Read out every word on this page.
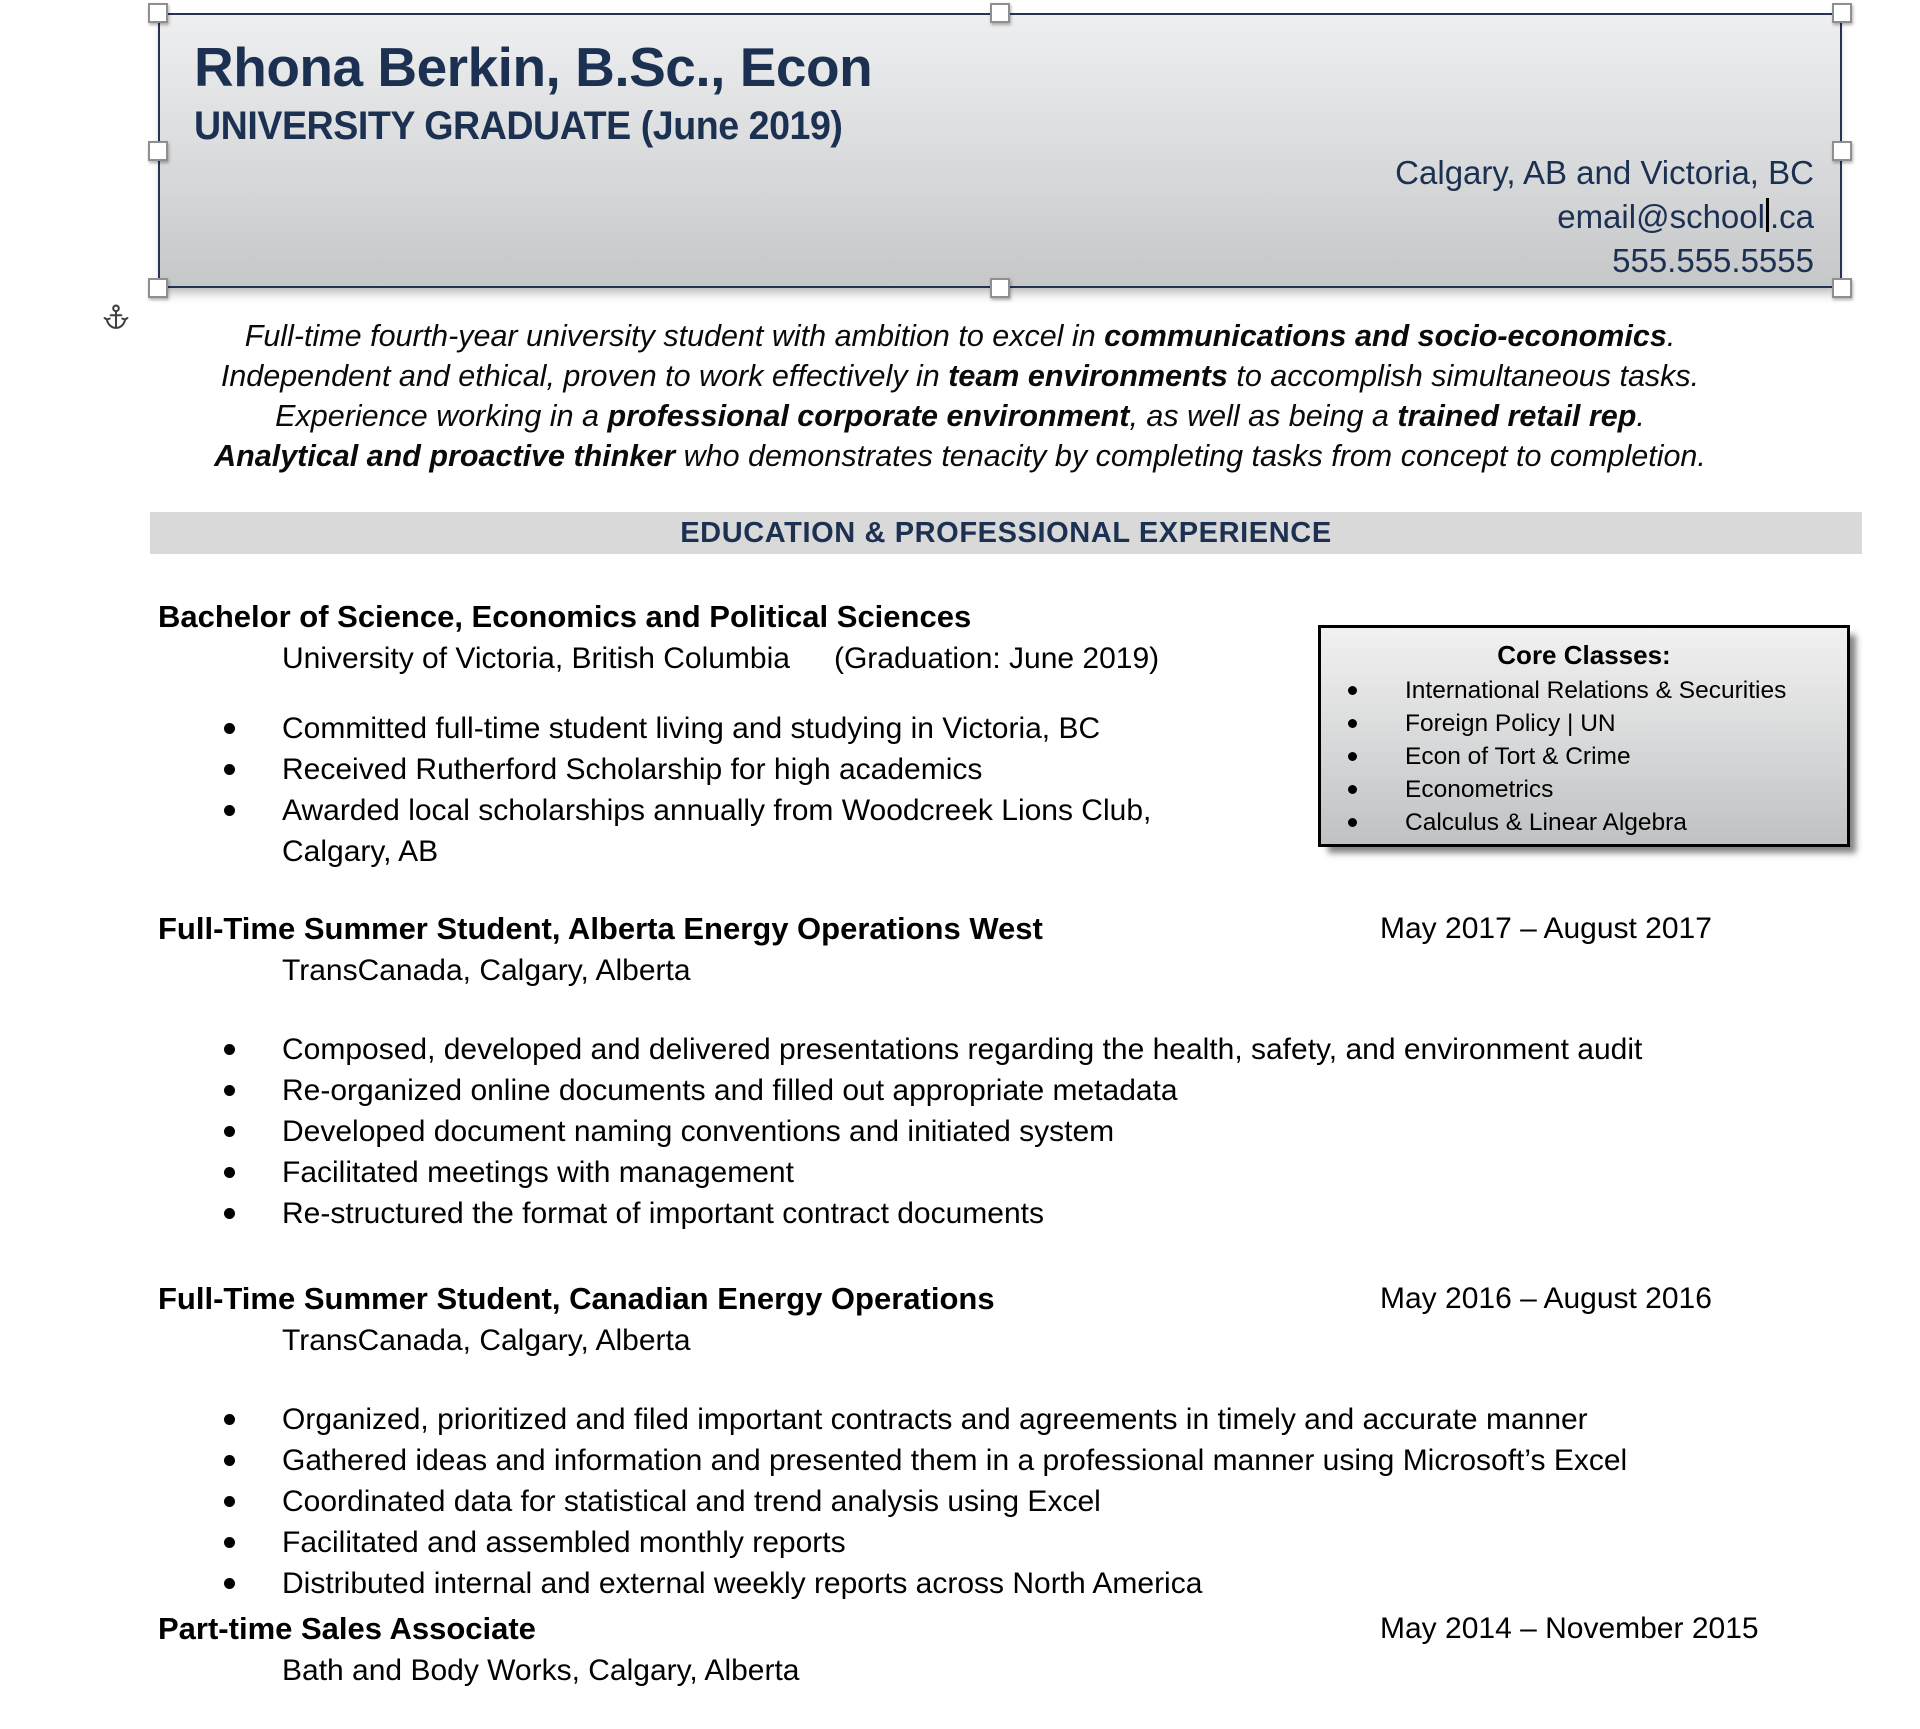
Rhona Berkin, B.Sc., Econ
UNIVERSITY GRADUATE (June 2019)
Calgary, AB and Victoria, BC
email@school .ca
555.555.5555
Full-time fourth-year university student with ambition to excel in communications and socio-economics.
Independent and ethical, proven to work effectively in team environments to accomplish simultaneous tasks.
Experience working in a professional corporate environment, as well as being a trained retail rep.
Analytical and proactive thinker who demonstrates tenacity by completing tasks from concept to completion.
EDUCATION & PROFESSIONAL EXPERIENCE
Bachelor of Science, Economics and Political Sciences
University of Victoria, British Columbia (Graduation: June 2019)
Committed full-time student living and studying in Victoria, BC
Received Rutherford Scholarship for high academics
Awarded local scholarships annually from Woodcreek Lions Club, Calgary, AB
Core Classes:
International Relations & Securities
Foreign Policy | UN
Econ of Tort & Crime
Econometrics
Calculus & Linear Algebra
Full-Time Summer Student, Alberta Energy Operations West	May 2017 – August 2017
TransCanada, Calgary, Alberta
Composed, developed and delivered presentations regarding the health, safety, and environment audit
Re-organized online documents and filled out appropriate metadata
Developed document naming conventions and initiated system
Facilitated meetings with management
Re-structured the format of important contract documents
Full-Time Summer Student, Canadian Energy Operations	May 2016 – August 2016
TransCanada, Calgary, Alberta
Organized, prioritized and filed important contracts and agreements in timely and accurate manner
Gathered ideas and information and presented them in a professional manner using Microsoft’s Excel
Coordinated data for statistical and trend analysis using Excel
Facilitated and assembled monthly reports
Distributed internal and external weekly reports across North America
Part-time Sales Associate	May 2014 – November 2015
Bath and Body Works, Calgary, Alberta
